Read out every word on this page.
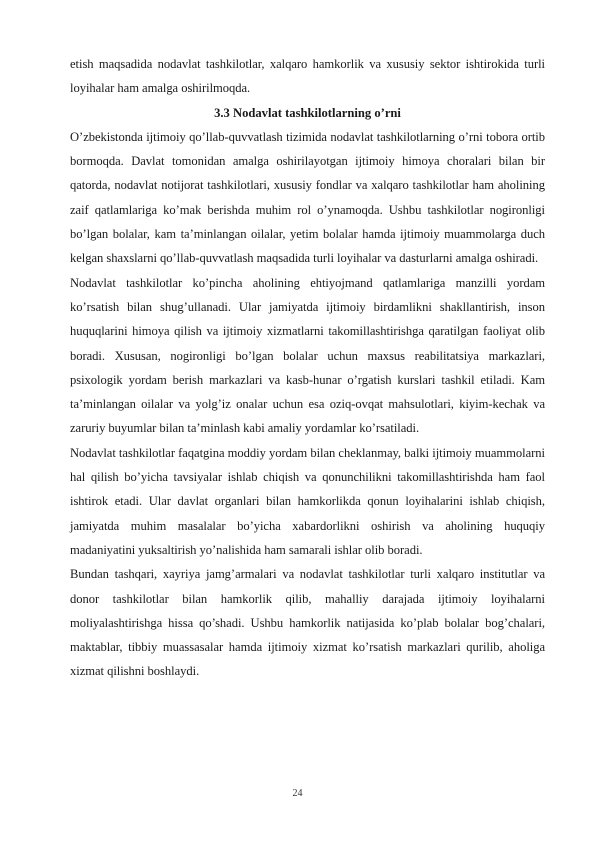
etish maqsadida nodavlat tashkilotlar, xalqaro hamkorlik va xususiy sektor ishtirokida turli loyihalar ham amalga oshirilmoqda.

3.3 Nodavlat tashkilotlarning o’rni

O’zbekistonda ijtimoiy qo’llab-quvvatlash tizimida nodavlat tashkilotlarning o’rni tobora ortib bormoqda. Davlat tomonidan amalga oshirilayotgan ijtimoiy himoya choralari bilan bir qatorda, nodavlat notijorat tashkilotlari, xususiy fondlar va xalqaro tashkilotlar ham aholining zaif qatlamlariga ko’mak berishda muhim rol o’ynamoqda. Ushbu tashkilotlar nogironligi bo’lgan bolalar, kam ta’minlangan oilalar, yetim bolalar hamda ijtimoiy muammolarga duch kelgan shaxslarni qo’llab-quvvatlash maqsadida turli loyihalar va dasturlarni amalga oshiradi.

Nodavlat tashkilotlar ko’pincha aholining ehtiyojmand qatlamlariga manzilli yordam ko’rsatish bilan shug’ullanadi. Ular jamiyatda ijtimoiy birdamlikni shakllantirish, inson huquqlarini himoya qilish va ijtimoiy xizmatlarni takomillashtirishga qaratilgan faoliyat olib boradi. Xususan, nogironligi bo’lgan bolalar uchun maxsus reabilitatsiya markazlari, psixologik yordam berish markazlari va kasb-hunar o’rgatish kurslari tashkil etiladi. Kam ta’minlangan oilalar va yolg’iz onalar uchun esa oziq-ovqat mahsulotlari, kiyim-kechak va zaruriy buyumlar bilan ta’minlash kabi amaliy yordamlar ko’rsatiladi.

Nodavlat tashkilotlar faqatgina moddiy yordam bilan cheklanmay, balki ijtimoiy muammolarni hal qilish bo’yicha tavsiyalar ishlab chiqish va qonunchilikni takomillashtirishda ham faol ishtirok etadi. Ular davlat organlari bilan hamkorlikda qonun loyihalarini ishlab chiqish, jamiyatda muhim masalalar bo’yicha xabardorlikni oshirish va aholining huquqiy madaniyatini yuksaltirish yo’nalishida ham samarali ishlar olib boradi.

Bundan tashqari, xayriya jamg’armalari va nodavlat tashkilotlar turli xalqaro institutlar va donor tashkilotlar bilan hamkorlik qilib, mahalliy darajada ijtimoiy loyihalarni moliyalashtirishga hissa qo’shadi. Ushbu hamkorlik natijasida ko’plab bolalar bog’chalari, maktablar, tibbiy muassasalar hamda ijtimoiy xizmat ko’rsatish markazlari qurilib, aholiga xizmat qilishni boshlaydi.

24
